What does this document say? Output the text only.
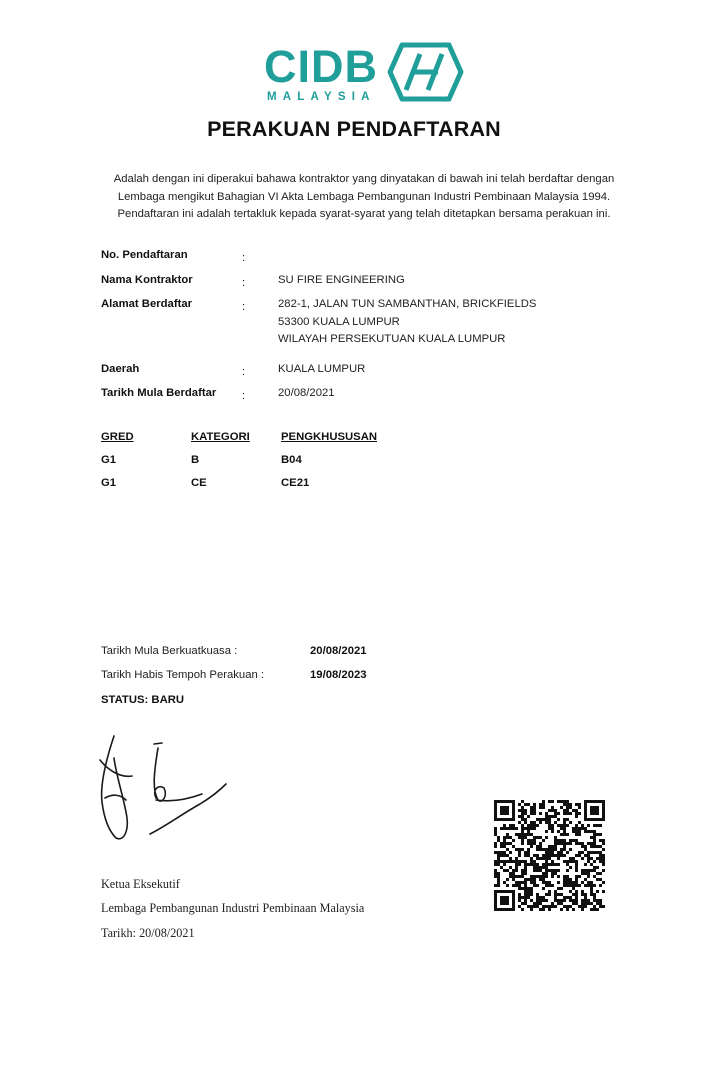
CIDB
MALAYSIA
PERAKUAN PENDAFTARAN
Adalah dengan ini diperakui bahawa kontraktor yang dinyatakan di bawah ini telah berdaftar dengan
Lembaga mengikut Bahagian VI Akta Lembaga Pembangunan Industri Pembinaan Malaysia 1994.
Pendaftaran ini adalah tertakluk kepada syarat-syarat yang telah ditetapkan bersama perakuan ini.
No. Pendaftaran	:
Nama Kontraktor	:	SU FIRE ENGINEERING
Alamat Berdaftar	:	282-1, JALAN TUN SAMBANTHAN, BRICKFIELDS
53300 KUALA LUMPUR
WILAYAH PERSEKUTUAN KUALA LUMPUR
Daerah	:	KUALA LUMPUR
Tarikh Mula Berdaftar :	20/08/2021
GRED	KATEGORI	PENGKHUSUSAN
G1	B	B04
G1	CE	CE21
Tarikh Mula Berkuatkuasa :	20/08/2021
Tarikh Habis Tempoh Perakuan :	19/08/2023
STATUS: BARU
Ketua Eksekutif
Lembaga Pembangunan Industri Pembinaan Malaysia
Tarikh: 20/08/2021
